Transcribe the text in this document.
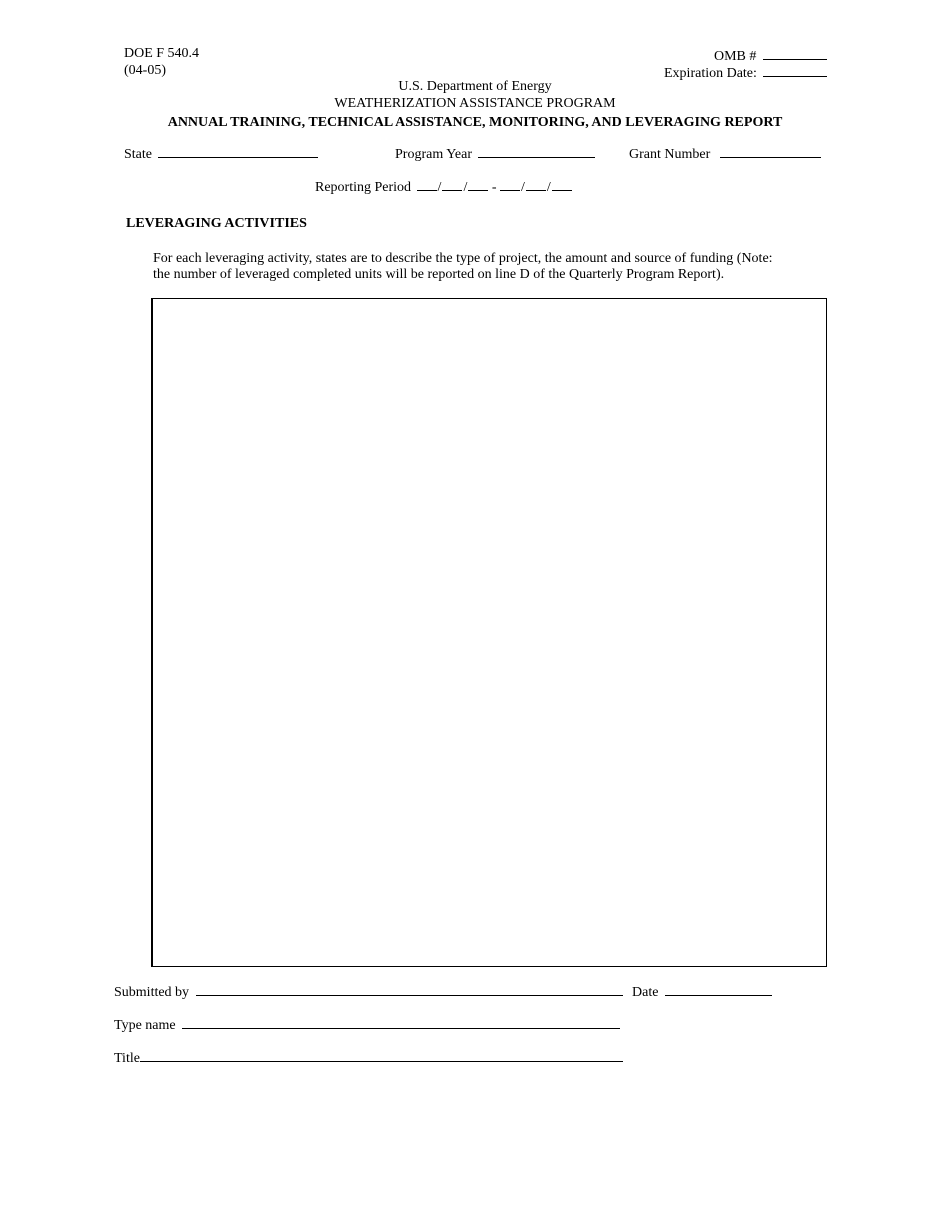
DOE F 540.4
(04-05)
OMB #
Expiration Date:
U.S. Department of Energy
WEATHERIZATION ASSISTANCE PROGRAM
ANNUAL TRAINING, TECHNICAL ASSISTANCE, MONITORING, AND LEVERAGING REPORT
State	Program Year	Grant Number
Reporting Period / / - / /
LEVERAGING ACTIVITIES
For each leveraging activity, states are to describe the type of project, the amount and source of funding (Note:
the number of leveraged completed units will be reported on line D of the Quarterly Program Report).
Submitted by	Date
Type name
Title
